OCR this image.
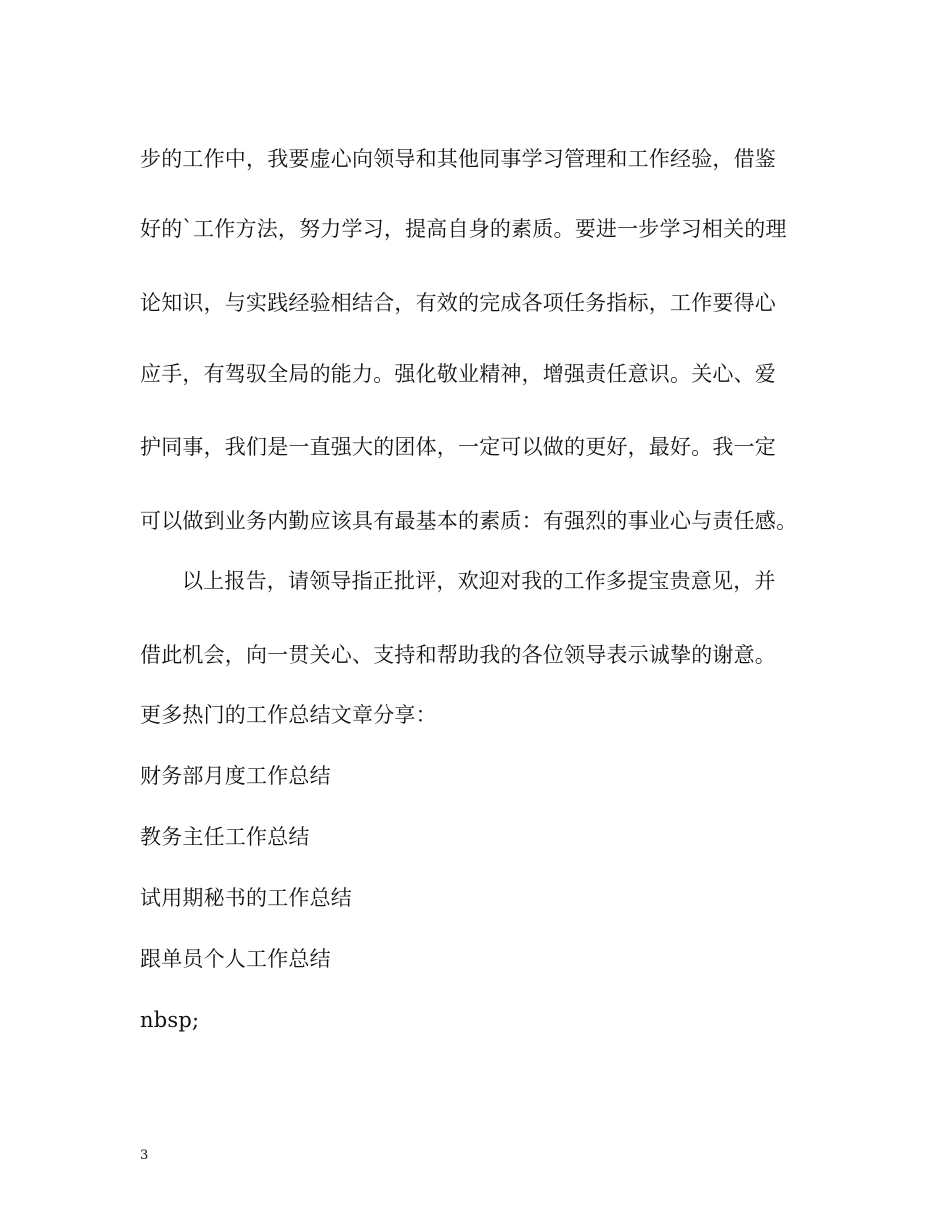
步的工作中，我要虚心向领导和其他同事学习管理和工作经验，借鉴
好的`工作方法，努力学习，提高自身的素质。要进一步学习相关的理
论知识，与实践经验相结合，有效的完成各项任务指标，工作要得心
应手，有驾驭全局的能力。强化敬业精神，增强责任意识。关心、爱
护同事，我们是一直强大的团体，一定可以做的更好，最好。我一定
可以做到业务内勤应该具有最基本的素质：有强烈的事业心与责任感。
以上报告，请领导指正批评，欢迎对我的工作多提宝贵意见，并
借此机会，向一贯关心、支持和帮助我的各位领导表示诚挚的谢意。
更多热门的工作总结文章分享：
财务部月度工作总结
教务主任工作总结
试用期秘书的工作总结
跟单员个人工作总结
nbsp;
3
